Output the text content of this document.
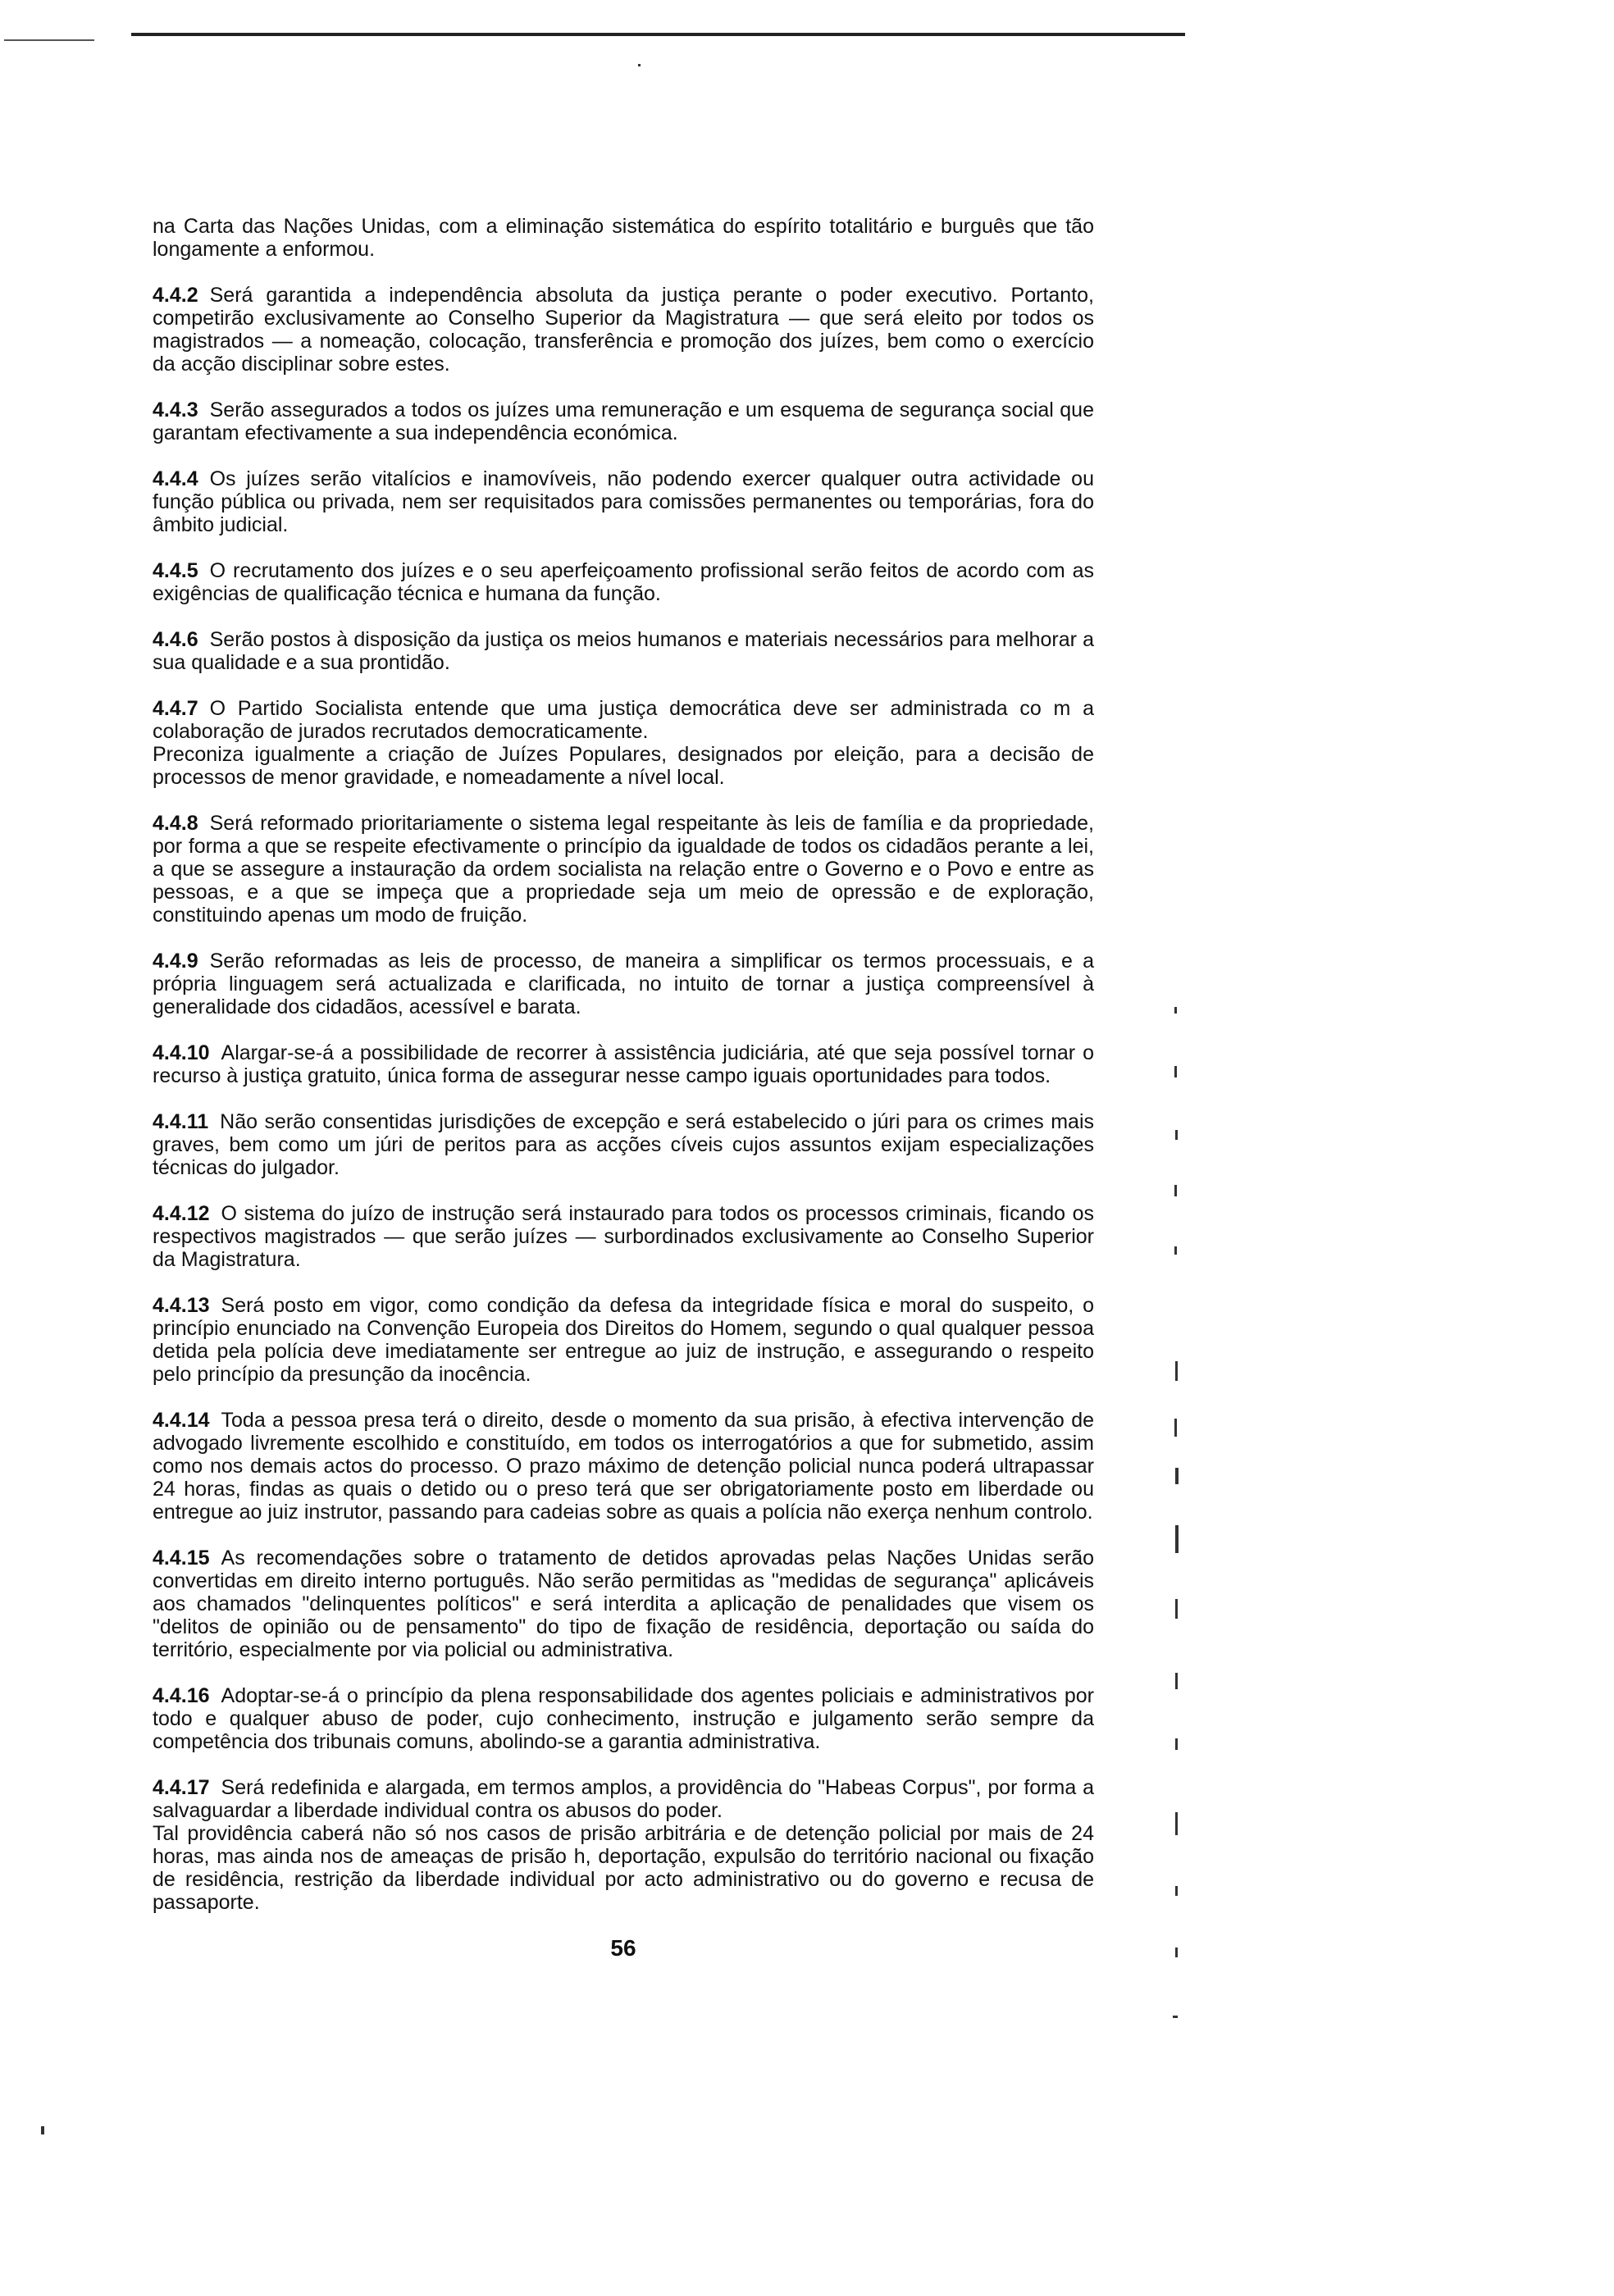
na Carta das Nações Unidas, com a eliminação sistemática do espírito totalitário e burguês que tão longamente a enformou.

4.4.2 Será garantida a independência absoluta da justiça perante o poder executivo. Portanto, competirão exclusivamente ao Conselho Superior da Magistratura — que será eleito por todos os magistrados — a nomeação, colocação, transferência e promoção dos juízes, bem como o exercício da acção disciplinar sobre estes.

4.4.3 Serão assegurados a todos os juízes uma remuneração e um esquema de segurança social que garantam efectivamente a sua independência económica.

4.4.4 Os juízes serão vitalícios e inamovíveis, não podendo exercer qualquer outra actividade ou função pública ou privada, nem ser requisitados para comissões permanentes ou temporárias, fora do âmbito judicial.

4.4.5 O recrutamento dos juízes e o seu aperfeiçoamento profissional serão feitos de acordo com as exigências de qualificação técnica e humana da função.

4.4.6 Serão postos à disposição da justiça os meios humanos e materiais necessários para melhorar a sua qualidade e a sua prontidão.

4.4.7 O Partido Socialista entende que uma justiça democrática deve ser administrada co m a colaboração de jurados recrutados democraticamente.
Preconiza igualmente a criação de Juízes Populares, designados por eleição, para a decisão de processos de menor gravidade, e nomeadamente a nível local.

4.4.8 Será reformado prioritariamente o sistema legal respeitante às leis de família e da propriedade, por forma a que se respeite efectivamente o princípio da igualdade de todos os cidadãos perante a lei, a que se assegure a instauração da ordem socialista na relação entre o Governo e o Povo e entre as pessoas, e a que se impeça que a propriedade seja um meio de opressão e de exploração, constituindo apenas um modo de fruição.

4.4.9 Serão reformadas as leis de processo, de maneira a simplificar os termos processuais, e a própria linguagem será actualizada e clarificada, no intuito de tornar a justiça compreensível à generalidade dos cidadãos, acessível e barata.

4.4.10 Alargar-se-á a possibilidade de recorrer à assistência judiciária, até que seja possível tornar o recurso à justiça gratuito, única forma de assegurar nesse campo iguais oportunidades para todos.

4.4.11 Não serão consentidas jurisdições de excepção e será estabelecido o júri para os crimes mais graves, bem como um júri de peritos para as acções cíveis cujos assuntos exijam especializações técnicas do julgador.

4.4.12 O sistema do juízo de instrução será instaurado para todos os processos criminais, ficando os respectivos magistrados — que serão juízes — surbordinados exclusivamente ao Conselho Superior da Magistratura.

4.4.13 Será posto em vigor, como condição da defesa da integridade física e moral do suspeito, o princípio enunciado na Convenção Europeia dos Direitos do Homem, segundo o qual qualquer pessoa detida pela polícia deve imediatamente ser entregue ao juiz de instrução, e assegurando o respeito pelo princípio da presunção da inocência.

4.4.14 Toda a pessoa presa terá o direito, desde o momento da sua prisão, à efectiva intervenção de advogado livremente escolhido e constituído, em todos os interrogatórios a que for submetido, assim como nos demais actos do processo. O prazo máximo de detenção policial nunca poderá ultrapassar 24 horas, findas as quais o detido ou o preso terá que ser obrigatoriamente posto em liberdade ou entregue ao juiz instrutor, passando para cadeias sobre as quais a polícia não exerça nenhum controlo.

4.4.15 As recomendações sobre o tratamento de detidos aprovadas pelas Nações Unidas serão convertidas em direito interno português. Não serão permitidas as "medidas de segurança" aplicáveis aos chamados "delinquentes políticos" e será interdita a aplicação de penalidades que visem os "delitos de opinião ou de pensamento" do tipo de fixação de residência, deportação ou saída do território, especialmente por via policial ou administrativa.

4.4.16 Adoptar-se-á o princípio da plena responsabilidade dos agentes policiais e administrativos por todo e qualquer abuso de poder, cujo conhecimento, instrução e julgamento serão sempre da competência dos tribunais comuns, abolindo-se a garantia administrativa.

4.4.17 Será redefinida e alargada, em termos amplos, a providência do "Habeas Corpus", por forma a salvaguardar a liberdade individual contra os abusos do poder.
Tal providência caberá não só nos casos de prisão arbitrária e de detenção policial por mais de 24 horas, mas ainda nos de ameaças de prisão h, deportação, expulsão do território nacional ou fixação de residência, restrição da liberdade individual por acto administrativo ou do governo e recusa de passaporte.

56
